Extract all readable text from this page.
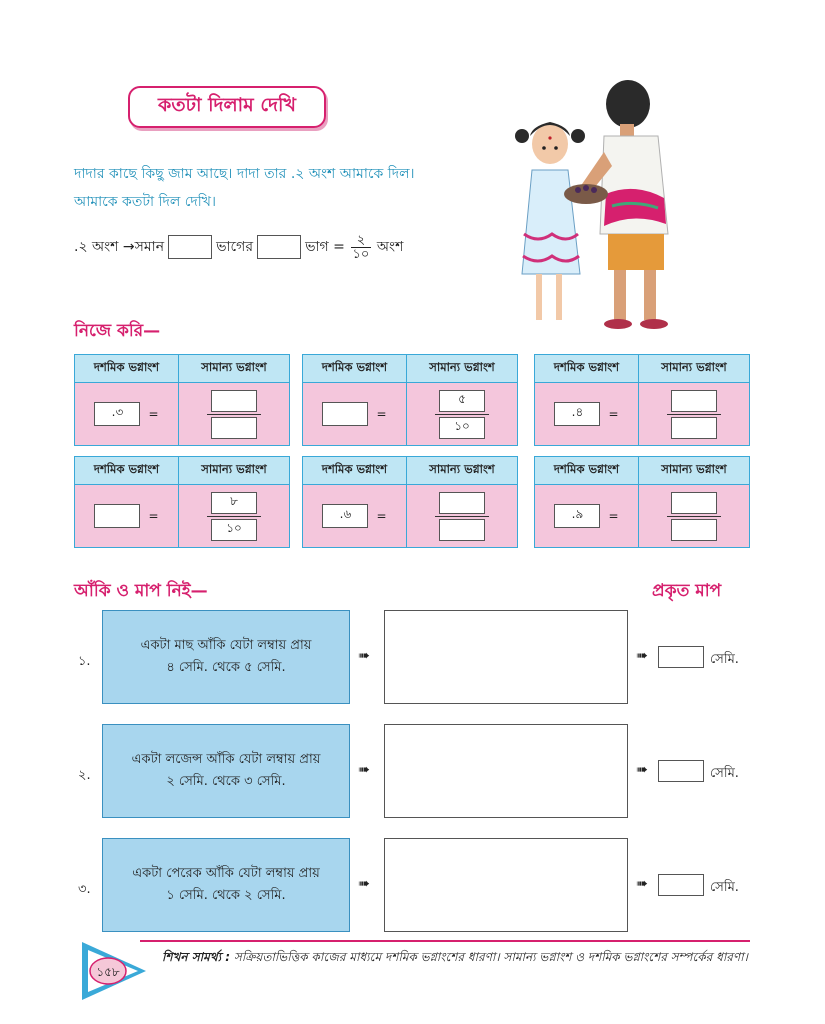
কতটা দিলাম দেখি
দাদার কাছে কিছু জাম আছে। দাদা তার .২ অংশ আমাকে দিল।
আমাকে কতটা দিল দেখি।
.২ অংশ →সমান	ভাগের	ভাগ = $\frac{২}{১০}$ অংশ
নিজে করি—
দশমিক ভগ্নাংশ	সামান্য ভগ্নাংশ
.৩	=
দশমিক ভগ্নাংশ	সামান্য ভগ্নাংশ
=
৫
১০
দশমিক ভগ্নাংশ	সামান্য ভগ্নাংশ
.৪	=
দশমিক ভগ্নাংশ	সামান্য ভগ্নাংশ
=
৮
১০
দশমিক ভগ্নাংশ	সামান্য ভগ্নাংশ
.৬	=
দশমিক ভগ্নাংশ	সামান্য ভগ্নাংশ
.৯	=
আঁকি ও মাপ নিই—	প্রকৃত মাপ
১.
একটা মাছ আঁকি যেটা লম্বায় প্রায়
৪ সেমি. থেকে ৫ সেমি.
➠	➠	সেমি.
২.
একটা লজেন্স আঁকি যেটা লম্বায় প্রায়
২ সেমি. থেকে ৩ সেমি.
➠	➠	সেমি.
৩.
একটা পেরেক আঁকি যেটা লম্বায় প্রায়
১ সেমি. থেকে ২ সেমি.
➠	➠	সেমি.
১৫৮
শিখন সামর্থ্য : সক্রিয়তাভিত্তিক কাজের মাধ্যমে দশমিক ভগ্নাংশের ধারণা। সামান্য ভগ্নাংশ ও দশমিক ভগ্নাংশের সম্পর্কের ধারণা।
